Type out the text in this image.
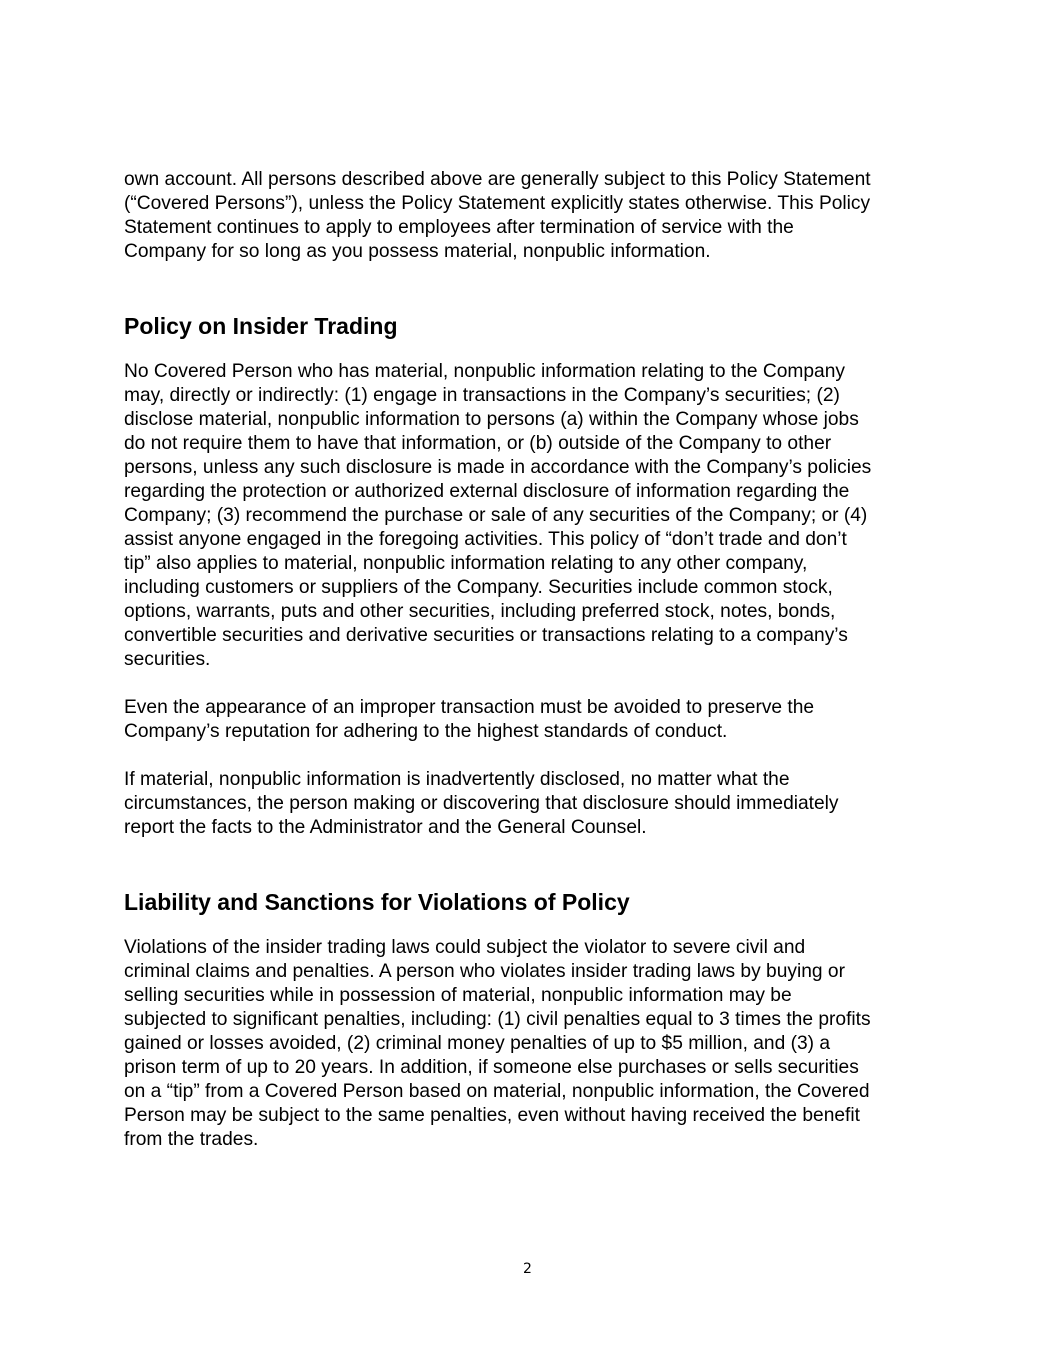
own account. All persons described above are generally subject to this Policy Statement
(“Covered Persons”), unless the Policy Statement explicitly states otherwise. This Policy
Statement continues to apply to employees after termination of service with the
Company for so long as you possess material, nonpublic information.

Policy on Insider Trading

No Covered Person who has material, nonpublic information relating to the Company
may, directly or indirectly: (1) engage in transactions in the Company’s securities; (2)
disclose material, nonpublic information to persons (a) within the Company whose jobs
do not require them to have that information, or (b) outside of the Company to other
persons, unless any such disclosure is made in accordance with the Company’s policies
regarding the protection or authorized external disclosure of information regarding the
Company; (3) recommend the purchase or sale of any securities of the Company; or (4)
assist anyone engaged in the foregoing activities. This policy of “don’t trade and don’t
tip” also applies to material, nonpublic information relating to any other company,
including customers or suppliers of the Company. Securities include common stock,
options, warrants, puts and other securities, including preferred stock, notes, bonds,
convertible securities and derivative securities or transactions relating to a company’s
securities.

Even the appearance of an improper transaction must be avoided to preserve the
Company’s reputation for adhering to the highest standards of conduct.

If material, nonpublic information is inadvertently disclosed, no matter what the
circumstances, the person making or discovering that disclosure should immediately
report the facts to the Administrator and the General Counsel.

Liability and Sanctions for Violations of Policy

Violations of the insider trading laws could subject the violator to severe civil and
criminal claims and penalties. A person who violates insider trading laws by buying or
selling securities while in possession of material, nonpublic information may be
subjected to significant penalties, including: (1) civil penalties equal to 3 times the profits
gained or losses avoided, (2) criminal money penalties of up to $5 million, and (3) a
prison term of up to 20 years. In addition, if someone else purchases or sells securities
on a “tip” from a Covered Person based on material, nonpublic information, the Covered
Person may be subject to the same penalties, even without having received the benefit
from the trades.

2
